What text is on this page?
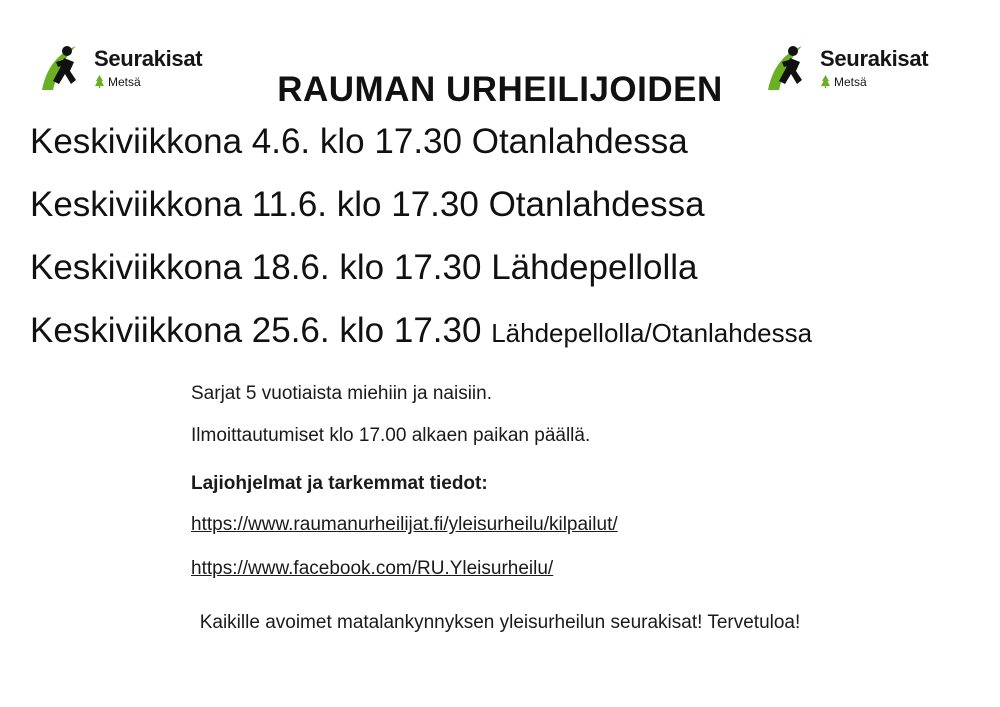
Seurakisat
Metsä
Seurakisat
Metsä
RAUMAN URHEILIJOIDEN
Keskiviikkona 4.6. klo 17.30 Otanlahdessa
Keskiviikkona 11.6. klo 17.30 Otanlahdessa
Keskiviikkona 18.6. klo 17.30 Lähdepellolla
Keskiviikkona 25.6. klo 17.30 Lähdepellolla/Otanlahdessa
Sarjat 5 vuotiaista miehiin ja naisiin.
Ilmoittautumiset klo 17.00 alkaen paikan päällä.
Lajiohjelmat ja tarkemmat tiedot:
https://www.raumanurheilijat.fi/yleisurheilu/kilpailut/
https://www.facebook.com/RU.Yleisurheilu/
Kaikille avoimet matalankynnyksen yleisurheilun seurakisat! Tervetuloa!
